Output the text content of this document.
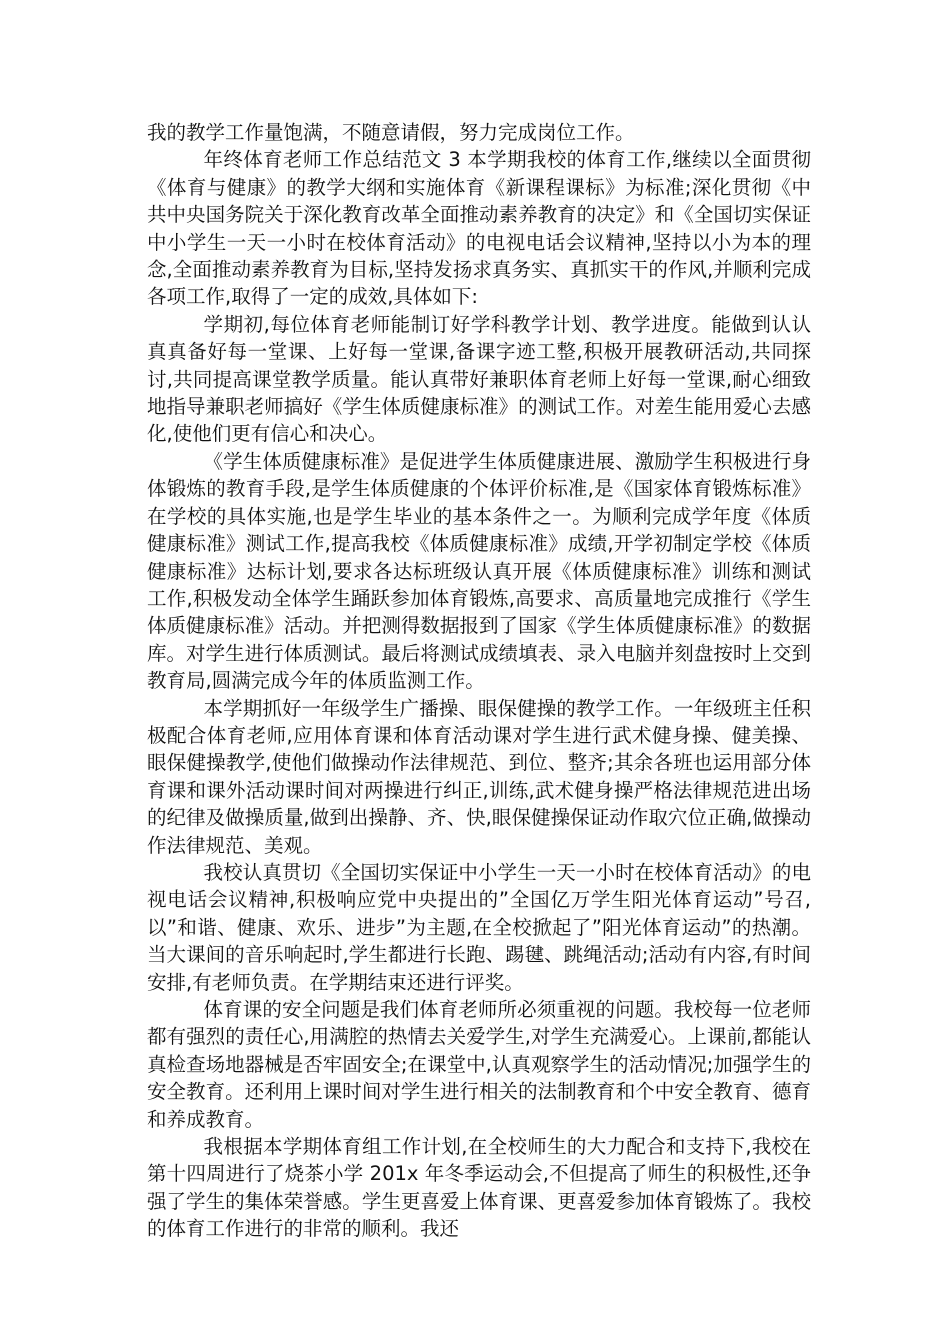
我的教学工作量饱满，不随意请假，努力完成岗位工作。

年终体育老师工作总结范文 3 本学期我校的体育工作,继续以全面贯彻《体育与健康》的教学大纲和实施体育《新课程课标》为标准;深化贯彻《中共中央国务院关于深化教育改革全面推动素养教育的决定》和《全国切实保证中小学生一天一小时在校体育活动》的电视电话会议精神,坚持以小为本的理念,全面推动素养教育为目标,坚持发扬求真务实、真抓实干的作风,并顺利完成各项工作,取得了一定的成效,具体如下:

学期初,每位体育老师能制订好学科教学计划、教学进度。能做到认认真真备好每一堂课、上好每一堂课,备课字迹工整,积极开展教研活动,共同探讨,共同提高课堂教学质量。能认真带好兼职体育老师上好每一堂课,耐心细致地指导兼职老师搞好《学生体质健康标准》的测试工作。对差生能用爱心去感化,使他们更有信心和决心。

《学生体质健康标准》是促进学生体质健康进展、激励学生积极进行身体锻炼的教育手段,是学生体质健康的个体评价标准,是《国家体育锻炼标准》在学校的具体实施,也是学生毕业的基本条件之一。为顺利完成学年度《体质健康标准》测试工作,提高我校《体质健康标准》成绩,开学初制定学校《体质健康标准》达标计划,要求各达标班级认真开展《体质健康标准》训练和测试工作,积极发动全体学生踊跃参加体育锻炼,高要求、高质量地完成推行《学生体质健康标准》活动。并把测得数据报到了国家《学生体质健康标准》的数据库。对学生进行体质测试。最后将测试成绩填表、录入电脑并刻盘按时上交到教育局,圆满完成今年的体质监测工作。

本学期抓好一年级学生广播操、眼保健操的教学工作。一年级班主任积极配合体育老师,应用体育课和体育活动课对学生进行武术健身操、健美操、眼保健操教学,使他们做操动作法律规范、到位、整齐;其余各班也运用部分体育课和课外活动课时间对两操进行纠正,训练,武术健身操严格法律规范进出场的纪律及做操质量,做到出操静、齐、快,眼保健操保证动作取穴位正确,做操动作法律规范、美观。

我校认真贯切《全国切实保证中小学生一天一小时在校体育活动》的电视电话会议精神,积极响应党中央提出的”全国亿万学生阳光体育运动”号召,以”和谐、健康、欢乐、进步”为主题,在全校掀起了”阳光体育运动”的热潮。当大课间的音乐响起时,学生都进行长跑、踢毽、跳绳活动;活动有内容,有时间安排,有老师负责。在学期结束还进行评奖。

体育课的安全问题是我们体育老师所必须重视的问题。我校每一位老师都有强烈的责任心,用满腔的热情去关爱学生,对学生充满爱心。上课前,都能认真检查场地器械是否牢固安全;在课堂中,认真观察学生的活动情况;加强学生的安全教育。还利用上课时间对学生进行相关的法制教育和个中安全教育、德育和养成教育。

我根据本学期体育组工作计划,在全校师生的大力配合和支持下,我校在第十四周进行了烧茶小学 201x 年冬季运动会,不但提高了师生的积极性,还争强了学生的集体荣誉感。学生更喜爱上体育课、更喜爱参加体育锻炼了。我校的体育工作进行的非常的顺利。我还
